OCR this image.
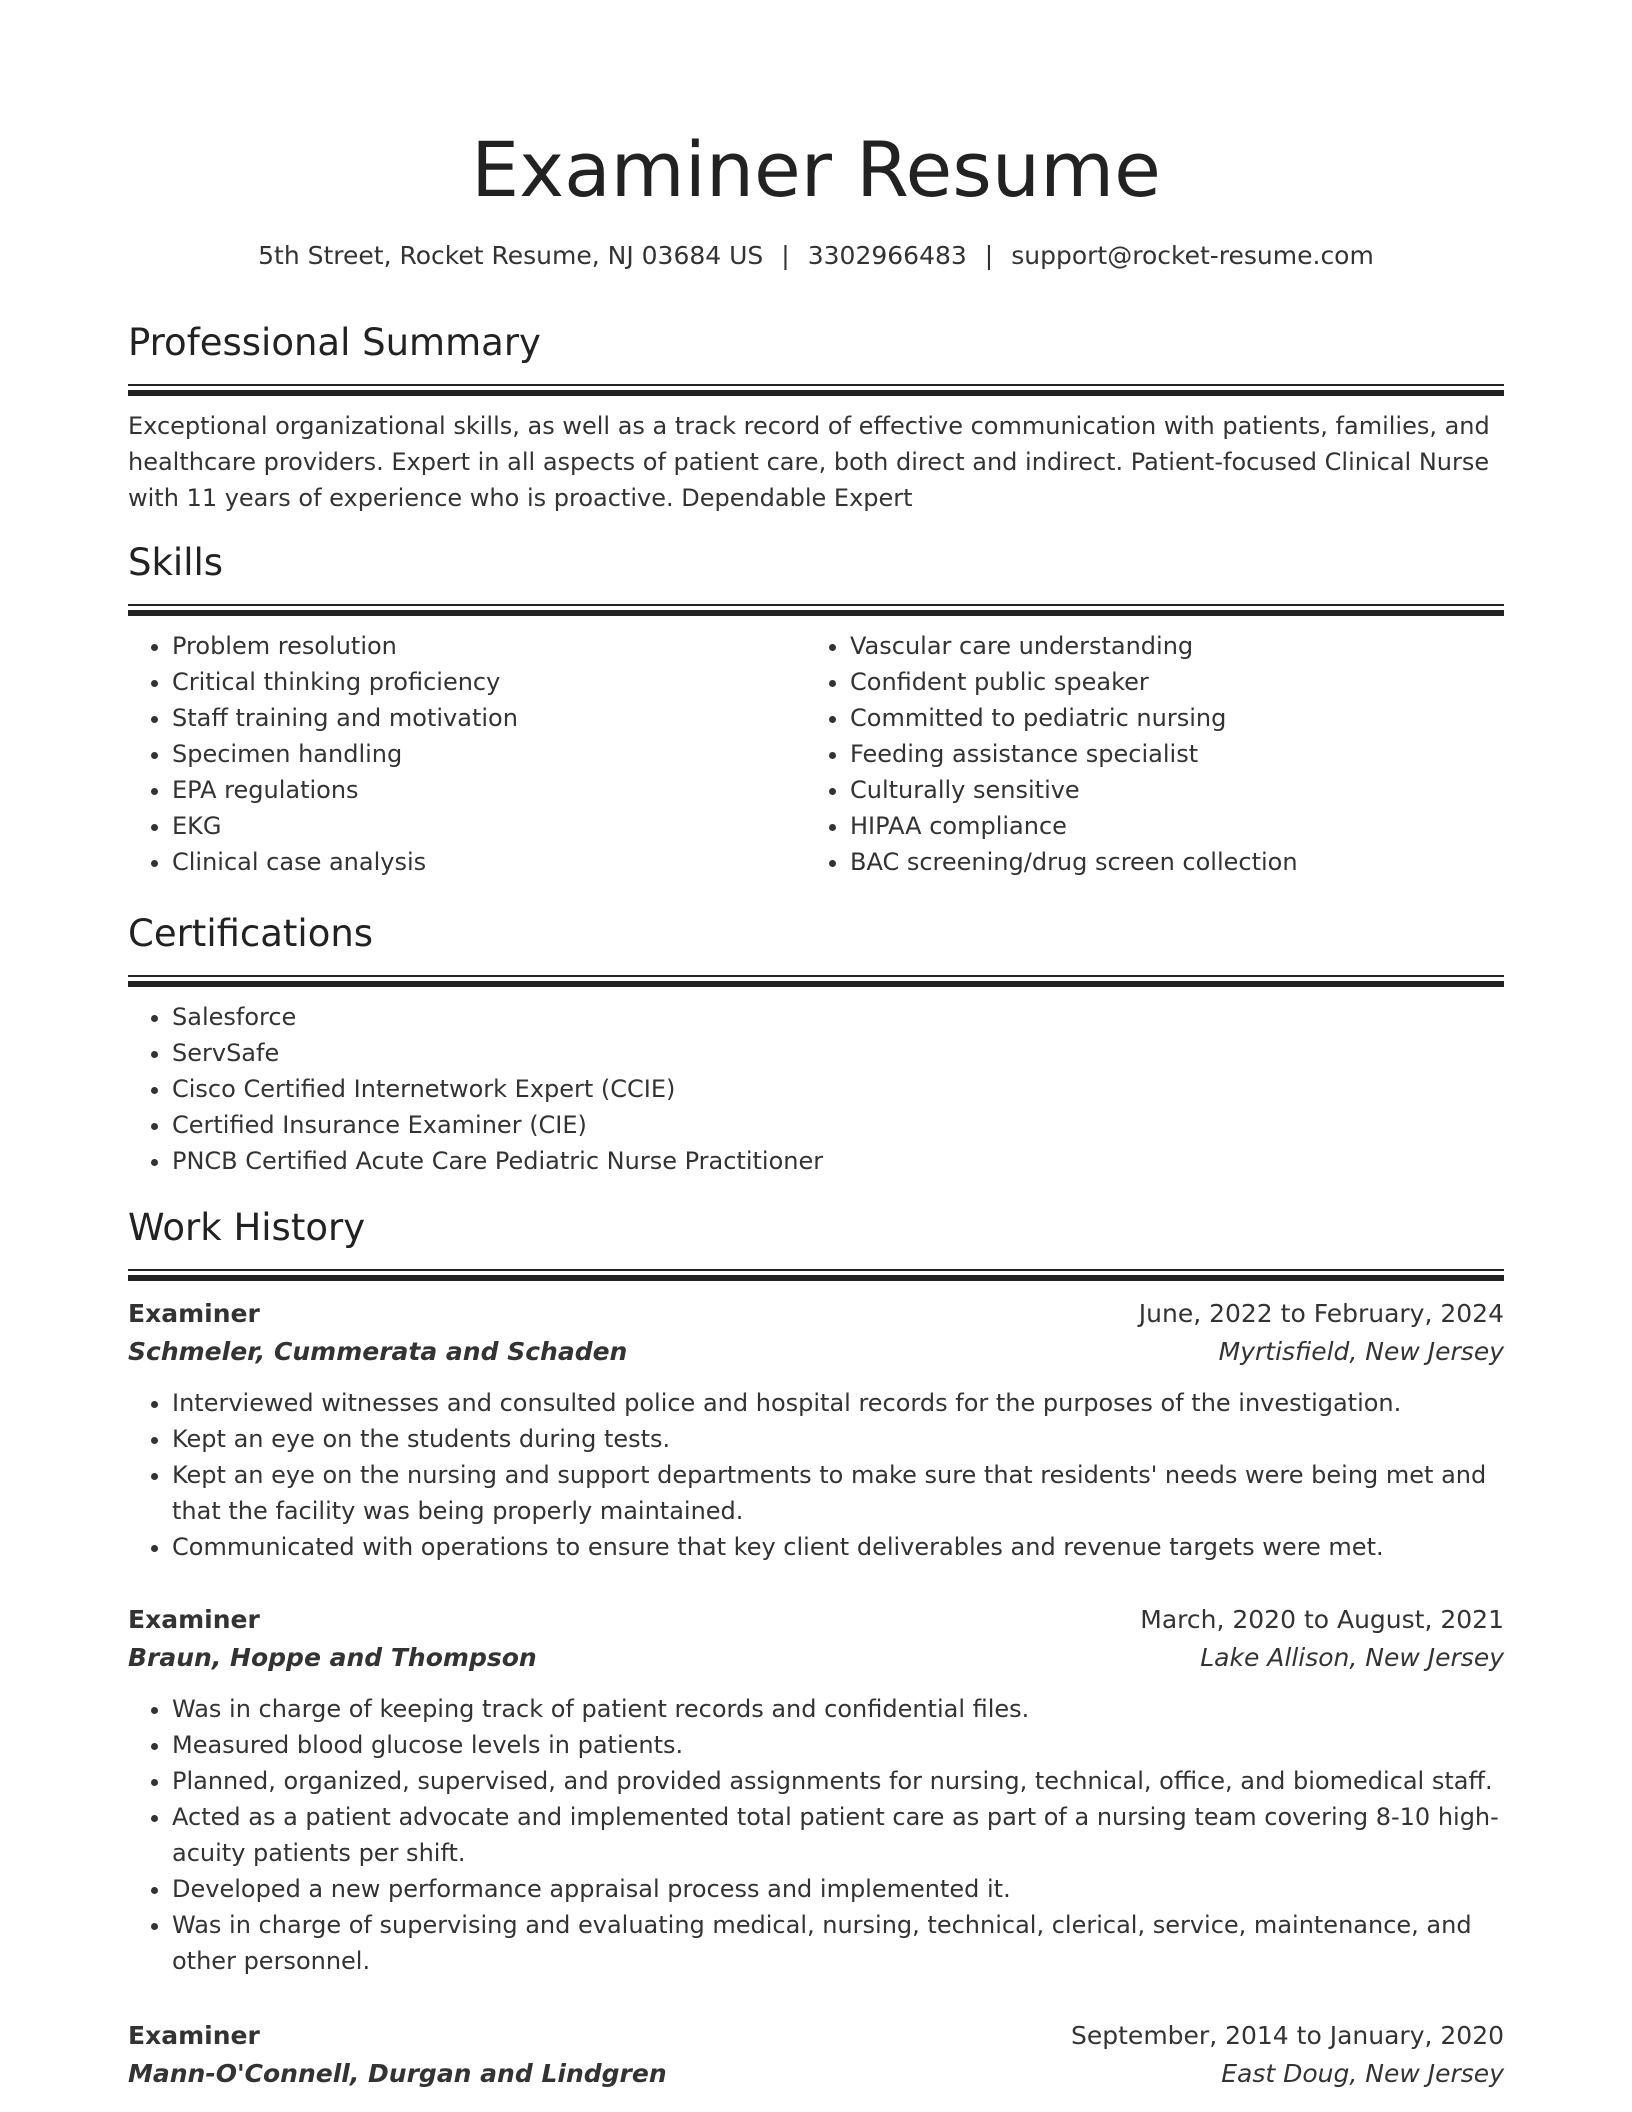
Examiner Resume
5th Street, Rocket Resume, NJ 03684 US | 3302966483 | support@rocket-resume.com
Professional Summary

Exceptional organizational skills, as well as a track record of effective communication with patients, families, and healthcare providers. Expert in all aspects of patient care, both direct and indirect. Patient-focused Clinical Nurse with 11 years of experience who is proactive. Dependable Expert

Skills
• Problem resolution
• Critical thinking proficiency
• Staff training and motivation
• Specimen handling
• EPA regulations
• EKG
• Clinical case analysis
• Vascular care understanding
• Confident public speaker
• Committed to pediatric nursing
• Feeding assistance specialist
• Culturally sensitive
• HIPAA compliance
• BAC screening/drug screen collection
Certifications
• Salesforce
• ServSafe
• Cisco Certified Internetwork Expert (CCIE)
• Certified Insurance Examiner (CIE)
• PNCB Certified Acute Care Pediatric Nurse Practitioner
Work History
Examiner	June, 2022 to February, 2024
Schmeler, Cummerata and Schaden	Myrtisfield, New Jersey
• Interviewed witnesses and consulted police and hospital records for the purposes of the investigation.
• Kept an eye on the students during tests.
• Kept an eye on the nursing and support departments to make sure that residents' needs were being met and that the facility was being properly maintained.
• Communicated with operations to ensure that key client deliverables and revenue targets were met.
Examiner	March, 2020 to August, 2021
Braun, Hoppe and Thompson	Lake Allison, New Jersey
• Was in charge of keeping track of patient records and confidential files.
• Measured blood glucose levels in patients.
• Planned, organized, supervised, and provided assignments for nursing, technical, office, and biomedical staff.
• Acted as a patient advocate and implemented total patient care as part of a nursing team covering 8-10 high-acuity patients per shift.
• Developed a new performance appraisal process and implemented it.
• Was in charge of supervising and evaluating medical, nursing, technical, clerical, service, maintenance, and other personnel.
Examiner	September, 2014 to January, 2020
Mann-O'Connell, Durgan and Lindgren	East Doug, New Jersey
